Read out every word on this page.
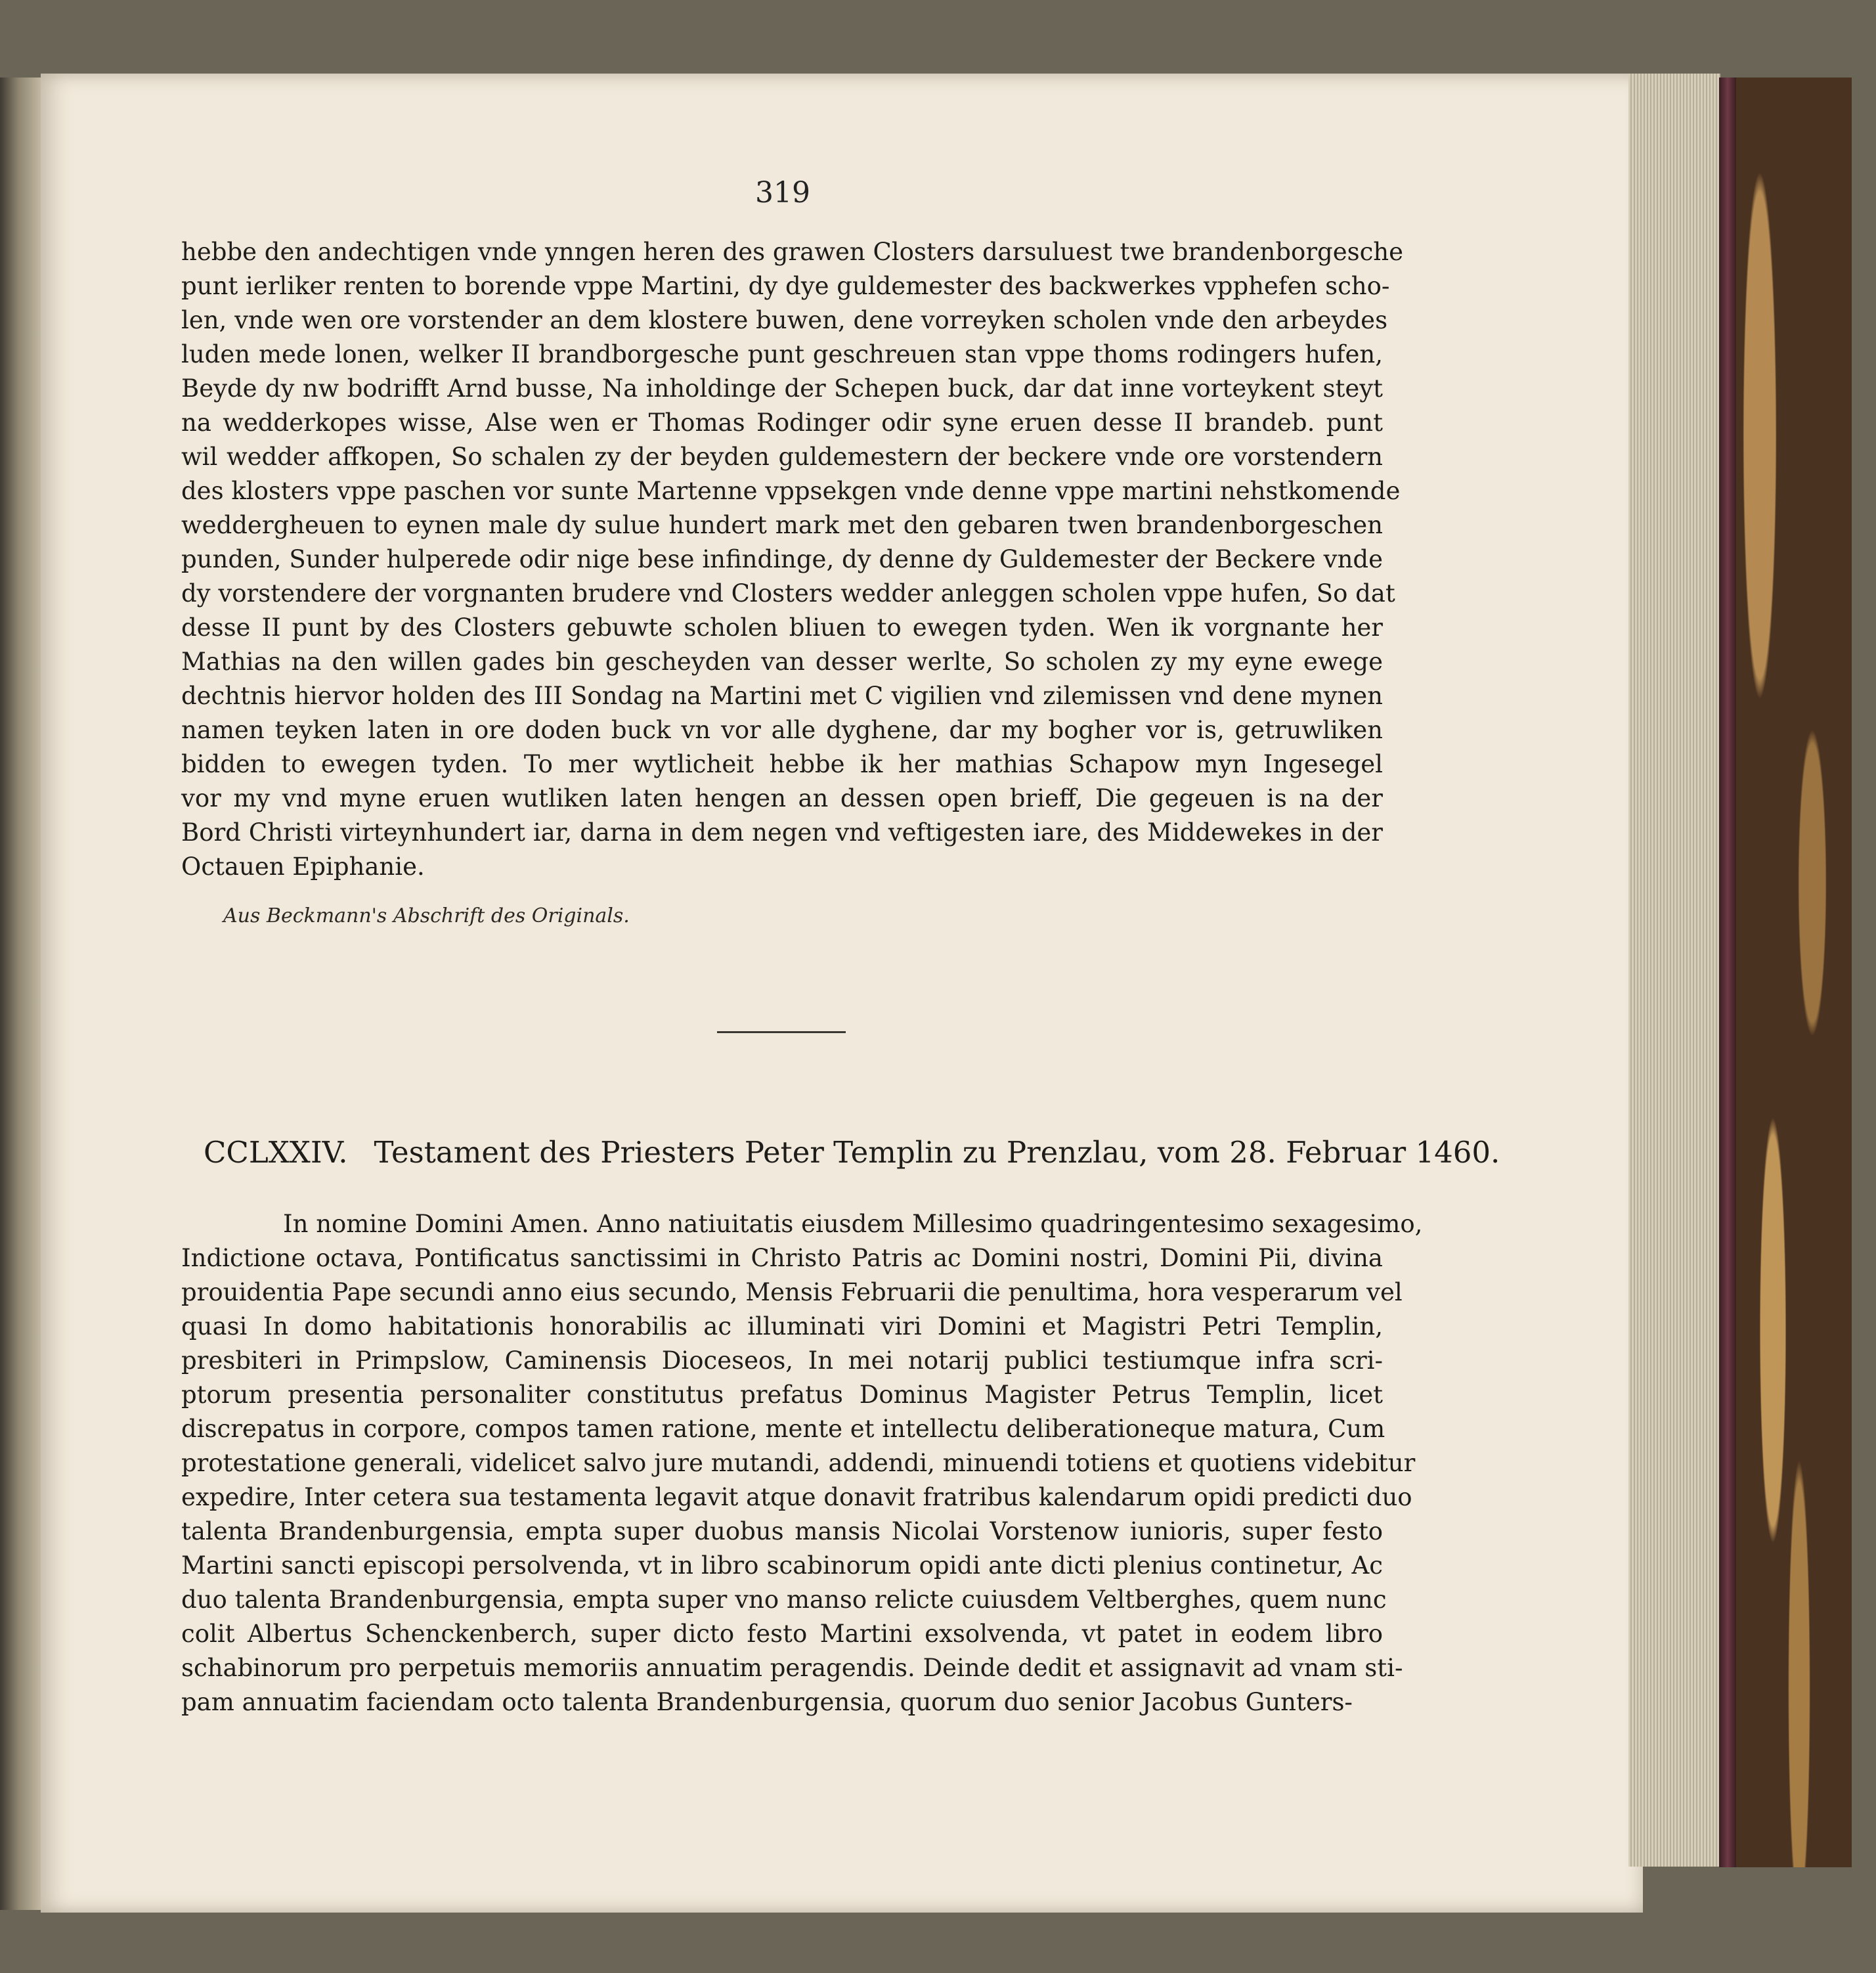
319
hebbe den andechtigen vnde ynngen heren des grawen Closters darsuluest twe brandenborgesche
punt ierliker renten to borende vppe Martini, dy dye guldemester des backwerkes vpphefen scho-
len, vnde wen ore vorstender an dem klostere buwen, dene vorreyken scholen vnde den arbeydes
luden mede lonen, welker II brandborgesche punt geschreuen stan vppe thoms rodingers hufen,
Beyde dy nw bodrifft Arnd busse, Na inholdinge der Schepen buck, dar dat inne vorteykent steyt
na wedderkopes wisse, Alse wen er Thomas Rodinger odir syne eruen desse II brandeb. punt
wil wedder affkopen, So schalen zy der beyden guldemestern der beckere vnde ore vorstendern
des klosters vppe paschen vor sunte Martenne vppsekgen vnde denne vppe martini nehstkomende
weddergheuen to eynen male dy sulue hundert mark met den gebaren twen brandenborgeschen
punden, Sunder hulperede odir nige bese infindinge, dy denne dy Guldemester der Beckere vnde
dy vorstendere der vorgnanten brudere vnd Closters wedder anleggen scholen vppe hufen, So dat
desse II punt by des Closters gebuwte scholen bliuen to ewegen tyden. Wen ik vorgnante her
Mathias na den willen gades bin gescheyden van desser werlte, So scholen zy my eyne ewege
dechtnis hiervor holden des III Sondag na Martini met C vigilien vnd zilemissen vnd dene mynen
namen teyken laten in ore doden buck vn vor alle dyghene, dar my bogher vor is, getruwliken
bidden to ewegen tyden. To mer wytlicheit hebbe ik her mathias Schapow myn Ingesegel
vor my vnd myne eruen wutliken laten hengen an dessen open brieff, Die gegeuen is na der
Bord Christi virteynhundert iar, darna in dem negen vnd veftigesten iare, des Middewekes in der
Octauen Epiphanie.
Aus Beckmann's Abschrift des Originals.
CCLXXIV. Testament des Priesters Peter Templin zu Prenzlau, vom 28. Februar 1460.
In nomine Domini Amen. Anno natiuitatis eiusdem Millesimo quadringentesimo sexagesimo,
Indictione octava, Pontificatus sanctissimi in Christo Patris ac Domini nostri, Domini Pii, divina
prouidentia Pape secundi anno eius secundo, Mensis Februarii die penultima, hora vesperarum vel
quasi In domo habitationis honorabilis ac illuminati viri Domini et Magistri Petri Templin,
presbiteri in Primpslow, Caminensis Dioceseos, In mei notarij publici testiumque infra scri-
ptorum presentia personaliter constitutus prefatus Dominus Magister Petrus Templin, licet
discrepatus in corpore, compos tamen ratione, mente et intellectu deliberationeque matura, Cum
protestatione generali, videlicet salvo jure mutandi, addendi, minuendi totiens et quotiens videbitur
expedire, Inter cetera sua testamenta legavit atque donavit fratribus kalendarum opidi predicti duo
talenta Brandenburgensia, empta super duobus mansis Nicolai Vorstenow iunioris, super festo
Martini sancti episcopi persolvenda, vt in libro scabinorum opidi ante dicti plenius continetur, Ac
duo talenta Brandenburgensia, empta super vno manso relicte cuiusdem Veltberghes, quem nunc
colit Albertus Schenckenberch, super dicto festo Martini exsolvenda, vt patet in eodem libro
schabinorum pro perpetuis memoriis annuatim peragendis. Deinde dedit et assignavit ad vnam sti-
pam annuatim faciendam octo talenta Brandenburgensia, quorum duo senior Jacobus Gunters-
